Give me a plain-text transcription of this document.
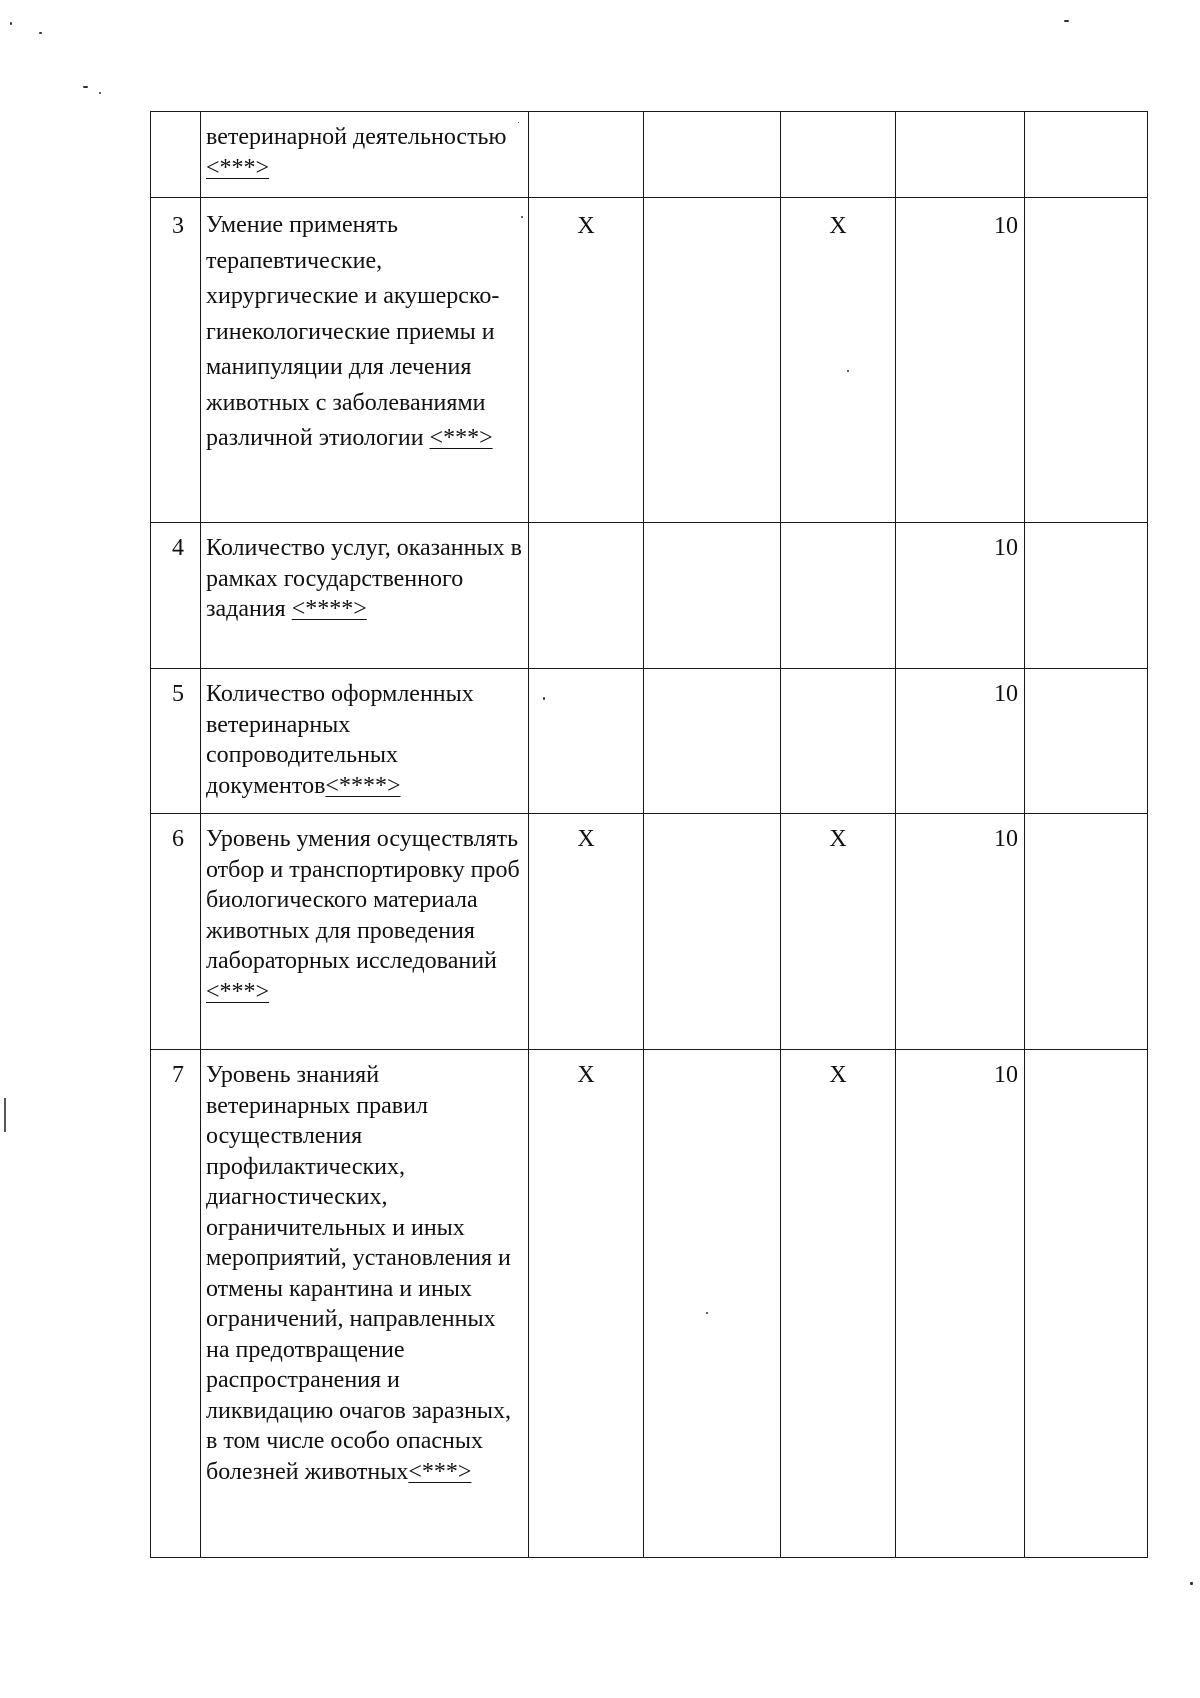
	ветеринарной деятельностью <***>					
3	Умение применять терапевтические, хирургические и акушерско-гинекологические приемы и манипуляции для лечения животных с заболеваниями различной этиологии <***>	X		X	10	
4	Количество услуг, оказанных в рамках государственного задания <****>				10	
5	Количество оформленных ветеринарных сопроводительных документов<****>				10	
6	Уровень умения осуществлять отбор и транспортировку проб биологического материала животных для проведения лабораторных исследований <***>	X		X	10	
7	Уровень знанияй ветеринарных правил осуществления профилактических, диагностических, ограничительных и иных мероприятий, установления и отмены карантина и иных ограничений, направленных на предотвращение распространения и ликвидацию очагов заразных, в том числе особо опасных болезней животных<***>	X		X	10	
